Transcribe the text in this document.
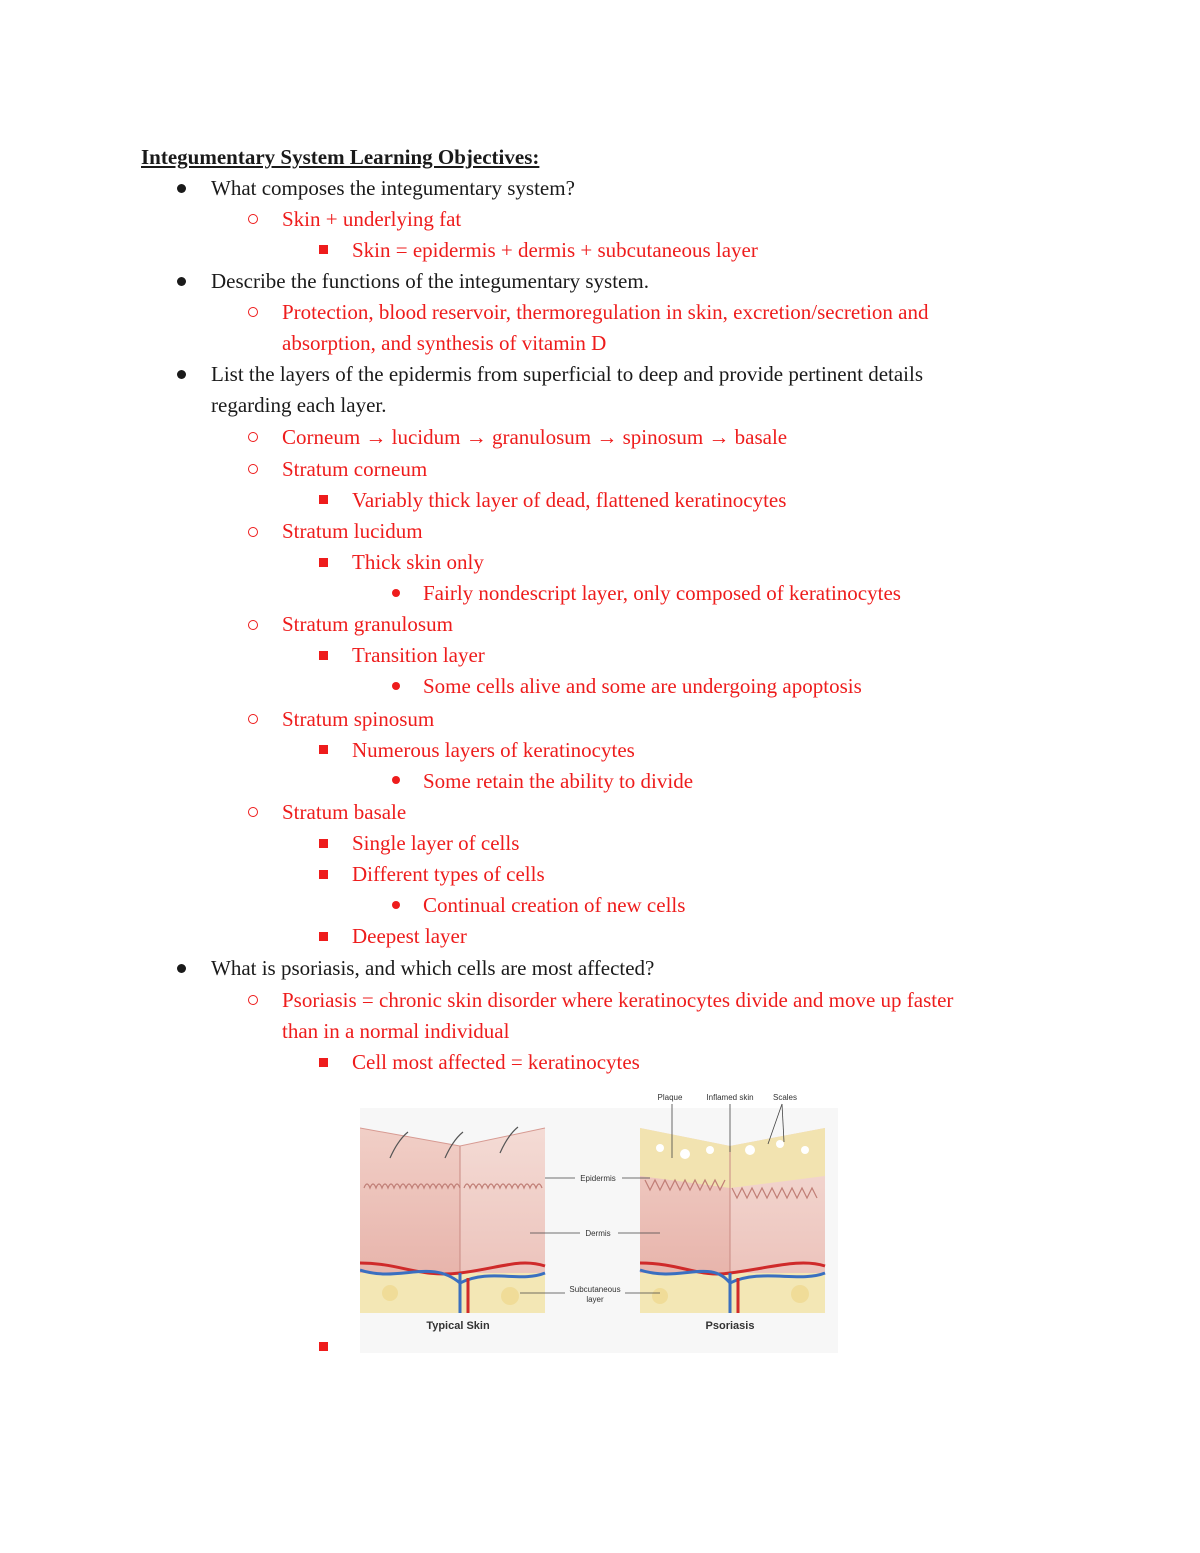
Integumentary System Learning Objectives:
What composes the integumentary system?
Skin + underlying fat
Skin = epidermis + dermis + subcutaneous layer
Describe the functions of the integumentary system.
Protection, blood reservoir, thermoregulation in skin, excretion/secretion and
absorption, and synthesis of vitamin D
List the layers of the epidermis from superficial to deep and provide pertinent details
regarding each layer.
Corneum → lucidum → granulosum → spinosum → basale
Stratum corneum
Variably thick layer of dead, flattened keratinocytes
Stratum lucidum
Thick skin only
Fairly nondescript layer, only composed of keratinocytes
Stratum granulosum
Transition layer
Some cells alive and some are undergoing apoptosis
Stratum spinosum
Numerous layers of keratinocytes
Some retain the ability to divide
Stratum basale
Single layer of cells
Different types of cells
Continual creation of new cells
Deepest layer
What is psoriasis, and which cells are most affected?
Psoriasis = chronic skin disorder where keratinocytes divide and move up faster
than in a normal individual
Cell most affected = keratinocytes
Plaque	Inflamed skin Scales
Epidermis
Dermis
Subcutaneous
layer
Typical Skin	Psoriasis
